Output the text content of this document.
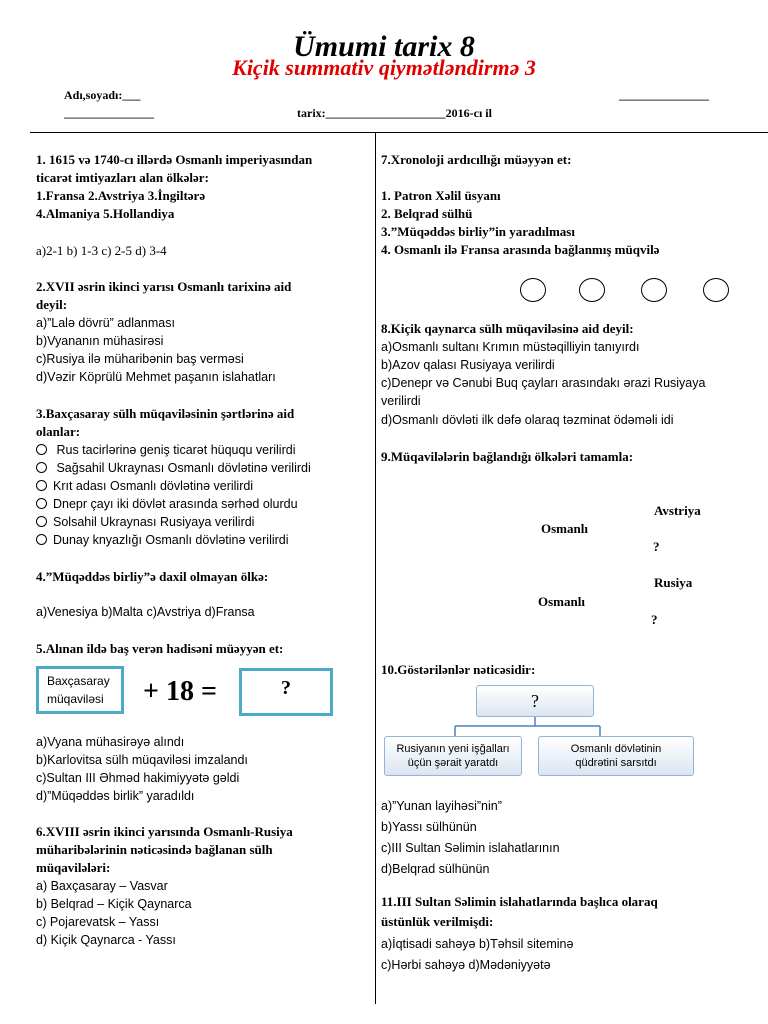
Ümumi tarix 8
Kiçik summativ qiymətləndirmə 3
Adı,soyadı:___	_______________
_______________	tarix:____________________2016-cı il
1. 1615 və 1740-cı illərdə Osmanlı imperiyasından
ticarət imtiyazları alan ölkələr:
1.Fransa 2.Avstriya 3.İngiltərə
4.Almaniya 5.Hollandiya
a)2-1 b) 1-3 c) 2-5 d) 3-4
2.XVII əsrin ikinci yarısı Osmanlı tarixinə aid
deyil:
a)”Lalə dövrü” adlanması
b)Vyananın mühasirəsi
c)Rusiya ilə müharibənin baş verməsi
d)Vəzir Köprülü Mehmet paşanın islahatları
3.Baxçasaray sülh müqaviləsinin şərtlərinə aid
olanlar:
Rus tacirlərinə geniş ticarət hüququ verilirdi
Sağsahil Ukraynası Osmanlı dövlətinə verilirdi
Krıt adası Osmanlı dövlətinə verilirdi
Dnepr çayı iki dövlət arasında sərhəd olurdu
Solsahil Ukraynası Rusiyaya verilirdi
Dunay knyazlığı Osmanlı dövlətinə verilirdi
4.”Müqəddəs birliy”ə daxil olmayan ölkə:
a)Venesiya b)Malta c)Avstriya d)Fransa
5.Alınan ildə baş verən hadisəni müəyyən et:
Baxçasaray
müqaviləsi	+ 18 =	?
a)Vyana mühasirəyə alındı
b)Karlovitsa sülh müqaviləsi imzalandı
c)Sultan III Əhməd hakimiyyətə gəldi
d)”Müqəddəs birlik” yaradıldı
6.XVIII əsrin ikinci yarısında Osmanlı-Rusiya
müharibələrinin nəticəsində bağlanan sülh
müqavilələri:
a) Baxçasaray – Vasvar
b) Belqrad – Kiçik Qaynarca
c) Pojarevatsk – Yassı
d) Kiçik Qaynarca - Yassı
7.Xronoloji ardıcıllığı müəyyən et:
1. Patron Xəlil üsyanı
2. Belqrad sülhü
3.”Müqəddəs birliy”in yaradılması
4. Osmanlı ilə Fransa arasında bağlanmış müqvilə
8.Kiçik qaynarca sülh müqaviləsinə aid deyil:
a)Osmanlı sultanı Krımın müstəqilliyin tanıyırdı
b)Azov qalası Rusiyaya verilirdi
c)Denepr və Cənubi Buq çayları arasındakı ərazi Rusiyaya
verilirdi
d)Osmanlı dövləti ilk dəfə olaraq təzminat ödəməli idi
9.Müqavilələrin bağlandığı ölkələri tamamla:
Avstriya
Osmanlı
?
Rusiya
Osmanlı
?
10.Göstərilənlər nəticəsidir:
?
Rusiyanın yeni işğalları
üçün şərait yaratdı
Osmanlı dövlətinin
qüdrətini sarsıtdı
a)”Yunan layihəsi”nin”
b)Yassı sülhünün
c)III Sultan Səlimin islahatlarının
d)Belqrad sülhünün
11.III Sultan Səlimin islahatlarında başlıca olaraq
üstünlük verilmişdi:
a)İqtisadi sahəyə b)Təhsil siteminə
c)Hərbi sahəyə d)Mədəniyyətə
